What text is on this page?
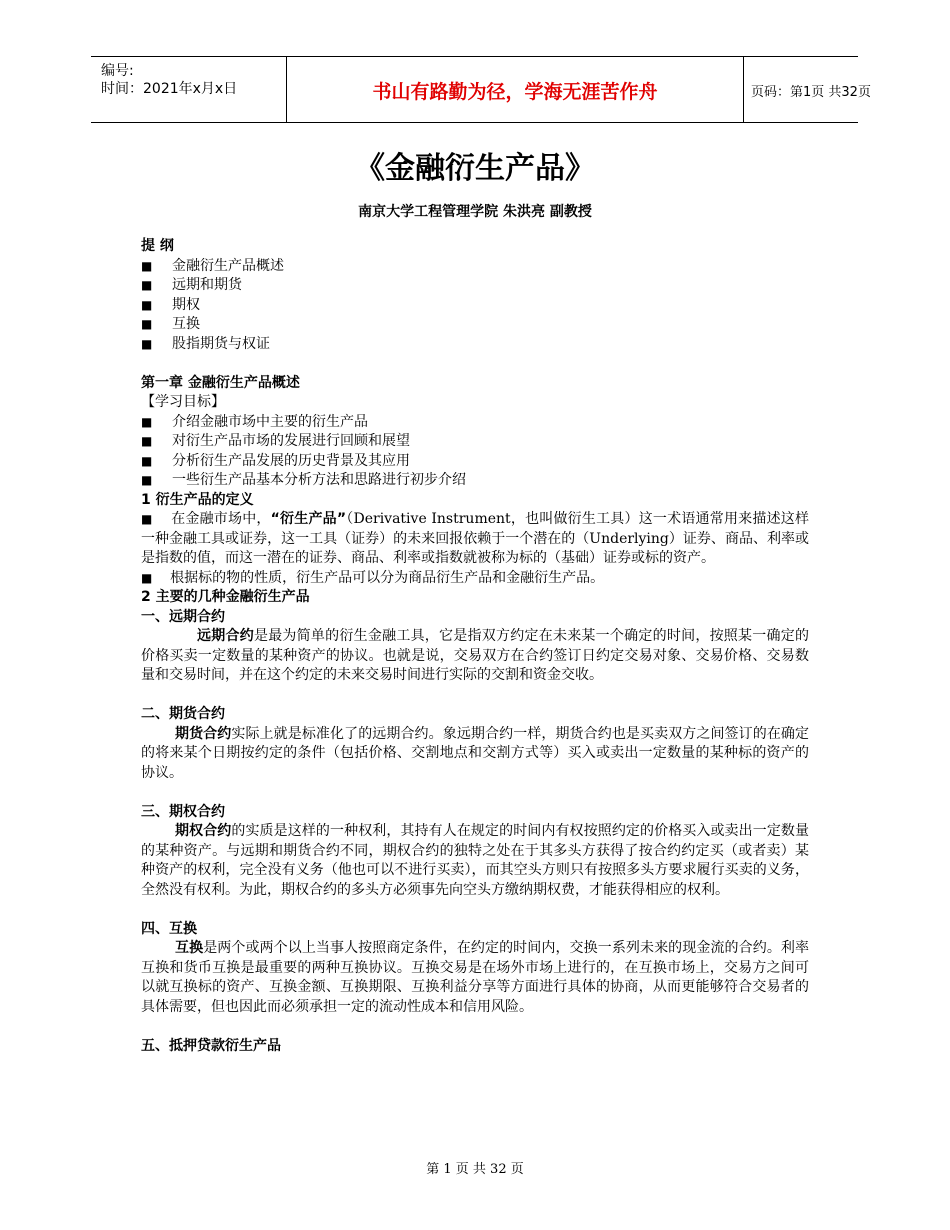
编号:
时间：2021年x月x日	书山有路勤为径，学海无涯苦作舟	页码：第1页 共32页
《金融衍生产品》
南京大学工程管理学院 朱洪亮 副教授

提 纲

■	金融衍生产品概述
■	远期和期货
■	期权
■	互换
■	股指期货与权证

第一章 金融衍生产品概述

【学习目标】

■	介绍金融市场中主要的衍生产品
■	对衍生产品市场的发展进行回顾和展望
■	分析衍生产品发展的历史背景及其应用
■	一些衍生产品基本分析方法和思路进行初步介绍

1 衍生产品的定义

■ 在金融市场中，“衍生产品”（Derivative Instrument，也叫做衍生工具）这一术语通常用来描述这样一种金融工具或证券，这一工具（证券）的未来回报依赖于一个潜在的（Underlying）证券、商品、利率或是指数的值，而这一潜在的证券、商品、利率或指数就被称为标的（基础）证券或标的资产。

■ 根据标的物的性质，衍生产品可以分为商品衍生产品和金融衍生产品。

2 主要的几种金融衍生产品

一、远期合约

远期合约是最为简单的衍生金融工具，它是指双方约定在未来某一个确定的时间，按照某一确定的价格买卖一定数量的某种资产的协议。也就是说，交易双方在合约签订日约定交易对象、交易价格、交易数量和交易时间，并在这个约定的未来交易时间进行实际的交割和资金交收。

二、期货合约

期货合约实际上就是标准化了的远期合约。象远期合约一样，期货合约也是买卖双方之间签订的在确定的将来某个日期按约定的条件（包括价格、交割地点和交割方式等）买入或卖出一定数量的某种标的资产的协议。

三、期权合约

期权合约的实质是这样的一种权利，其持有人在规定的时间内有权按照约定的价格买入或卖出一定数量的某种资产。与远期和期货合约不同，期权合约的独特之处在于其多头方获得了按合约约定买（或者卖）某种资产的权利，完全没有义务（他也可以不进行买卖），而其空头方则只有按照多头方要求履行买卖的义务，全然没有权利。为此，期权合约的多头方必须事先向空头方缴纳期权费，才能获得相应的权利。

四、互换

互换是两个或两个以上当事人按照商定条件，在约定的时间内，交换一系列未来的现金流的合约。利率互换和货币互换是最重要的两种互换协议。互换交易是在场外市场上进行的，在互换市场上，交易方之间可以就互换标的资产、互换金额、互换期限、互换利益分享等方面进行具体的协商，从而更能够符合交易者的具体需要，但也因此而必须承担一定的流动性成本和信用风险。

五、抵押贷款衍生产品

第 1 页 共 32 页
